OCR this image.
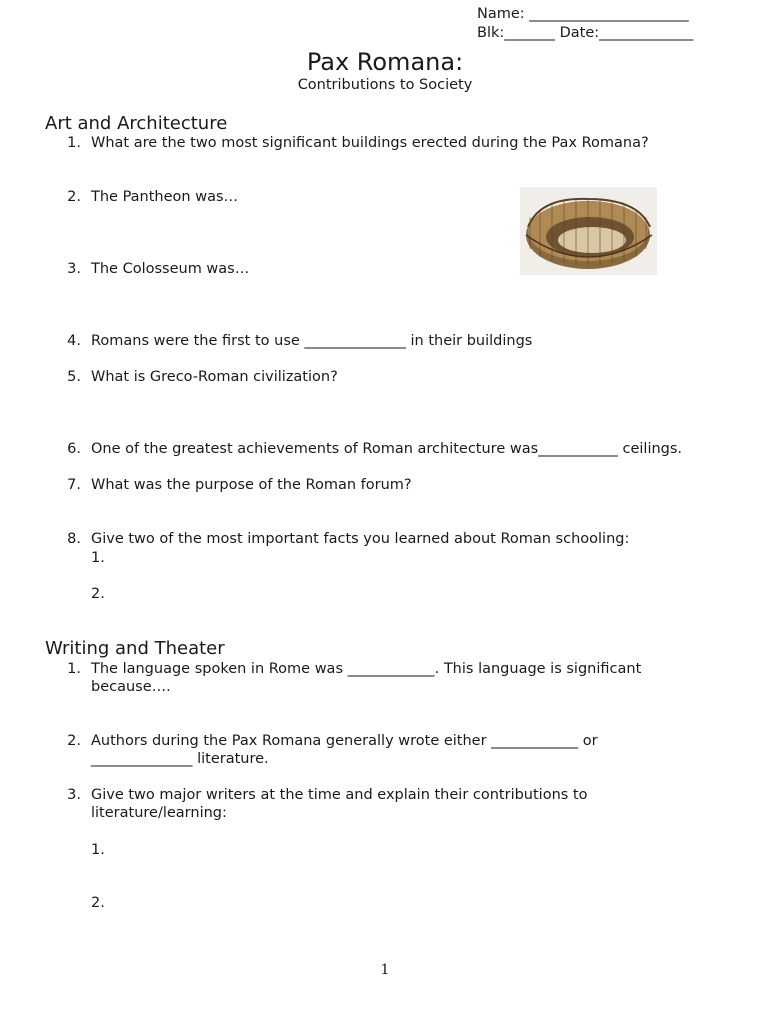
Name: ______________________
Blk:_______ Date:_____________
Pax Romana:
Contributions to Society
Art and Architecture
1. What are the two most significant buildings erected during the Pax Romana?
2. The Pantheon was…
3. The Colosseum was…
4. Romans were the first to use ______________ in their buildings
5. What is Greco-Roman civilization?
6. One of the greatest achievements of Roman architecture was___________ ceilings.
7. What was the purpose of the Roman forum?
8. Give two of the most important facts you learned about Roman schooling:
1.
2.
Writing and Theater
1. The language spoken in Rome was ____________. This language is significant
because….
2. Authors during the Pax Romana generally wrote either ____________ or
______________ literature.
3. Give two major writers at the time and explain their contributions to
literature/learning:
1.
2.
1
